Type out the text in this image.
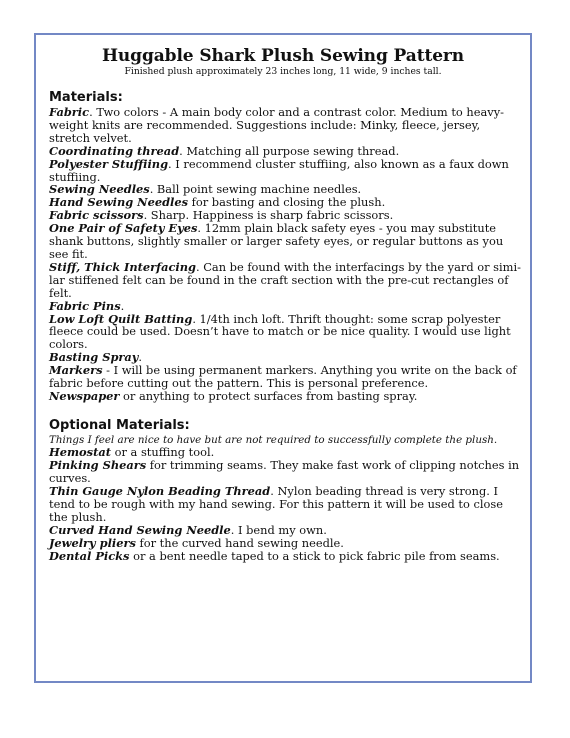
Huggable Shark Plush Sewing Pattern

Finished plush approximately 23 inches long, 11 wide, 9 inches tall.

Materials:

Fabric. Two colors - A main body color and a contrast color. Medium to heavy-weight knits are recommended. Suggestions include: Minky, fleece, jersey, stretch velvet.

Coordinating thread. Matching all purpose sewing thread.

Polyester Stuffiing. I recommend cluster stuffiing, also known as a faux down stuffiing.

Sewing Needles. Ball point sewing machine needles.

Hand Sewing Needles for basting and closing the plush.

Fabric scissors. Sharp. Happiness is sharp fabric scissors.

One Pair of Safety Eyes. 12mm plain black safety eyes - you may substitute shank buttons, slightly smaller or larger safety eyes, or regular buttons as you see fit.

Stiff, Thick Interfacing. Can be found with the interfacings by the yard or simi-lar stiffened felt can be found in the craft section with the pre-cut rectangles of felt.

Fabric Pins.

Low Loft Quilt Batting. 1/4th inch loft. Thrift thought: some scrap polyester fleece could be used. Doesn’t have to match or be nice quality. I would use light colors.

Basting Spray.

Markers - I will be using permanent markers. Anything you write on the back of fabric before cutting out the pattern. This is personal preference.

Newspaper or anything to protect surfaces from basting spray.

Optional Materials:

Things I feel are nice to have but are not required to successfully complete the plush.

Hemostat or a stuffing tool.

Pinking Shears for trimming seams. They make fast work of clipping notches in curves.

Thin Gauge Nylon Beading Thread. Nylon beading thread is very strong. I tend to be rough with my hand sewing. For this pattern it will be used to close the plush.

Curved Hand Sewing Needle. I bend my own.

Jewelry pliers for the curved hand sewing needle.

Dental Picks or a bent needle taped to a stick to pick fabric pile from seams.
